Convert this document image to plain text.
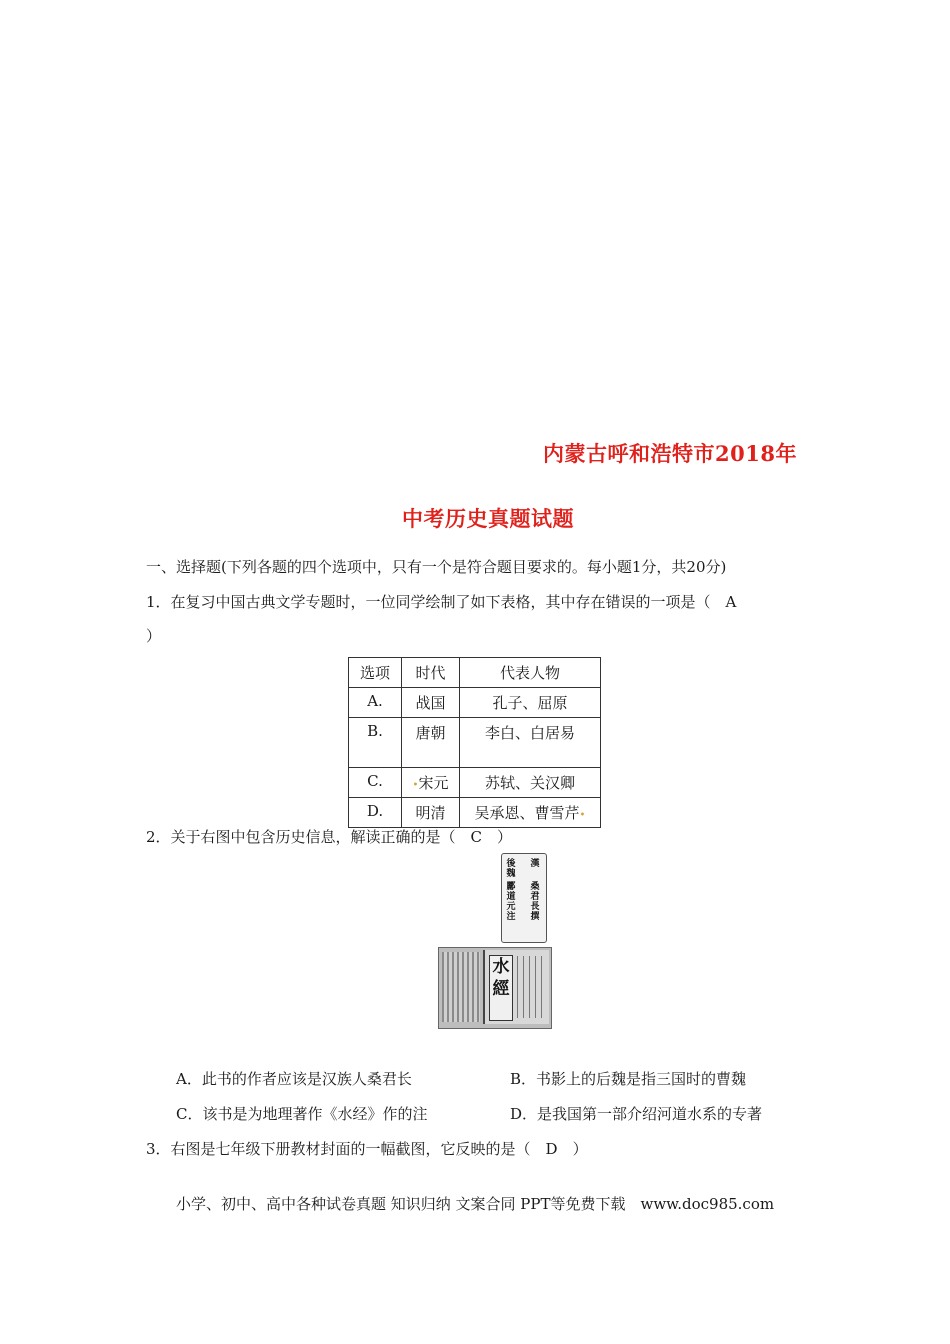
内蒙古呼和浩特市2018年
中考历史真题试题
一、选择题(下列各题的四个选项中，只有一个是符合题目要求的。每小题1分，共20分)
1．在复习中国古典文学专题时，一位同学绘制了如下表格，其中存在错误的一项是（　A
）
选项	时代	代表人物
A.	战国	孔子、屈原
B.	唐朝	李白、白居易
C.	•宋元	苏轼、关汉卿
D.	明清	吴承恩、曹雪芹•
2．关于右图中包含历史信息，解读正确的是（　C　）
後魏
酈道元注
漢
桑君長撰
水經
A．此书的作者应该是汉族人桑君长	B．书影上的后魏是指三国时的曹魏
C．该书是为地理著作《水经》作的注	D．是我国第一部介绍河道水系的专著
3．右图是七年级下册教材封面的一幅截图，它反映的是（　D　）
小学、初中、高中各种试卷真题 知识归纳 文案合同 PPT等免费下载　www.doc985.com
